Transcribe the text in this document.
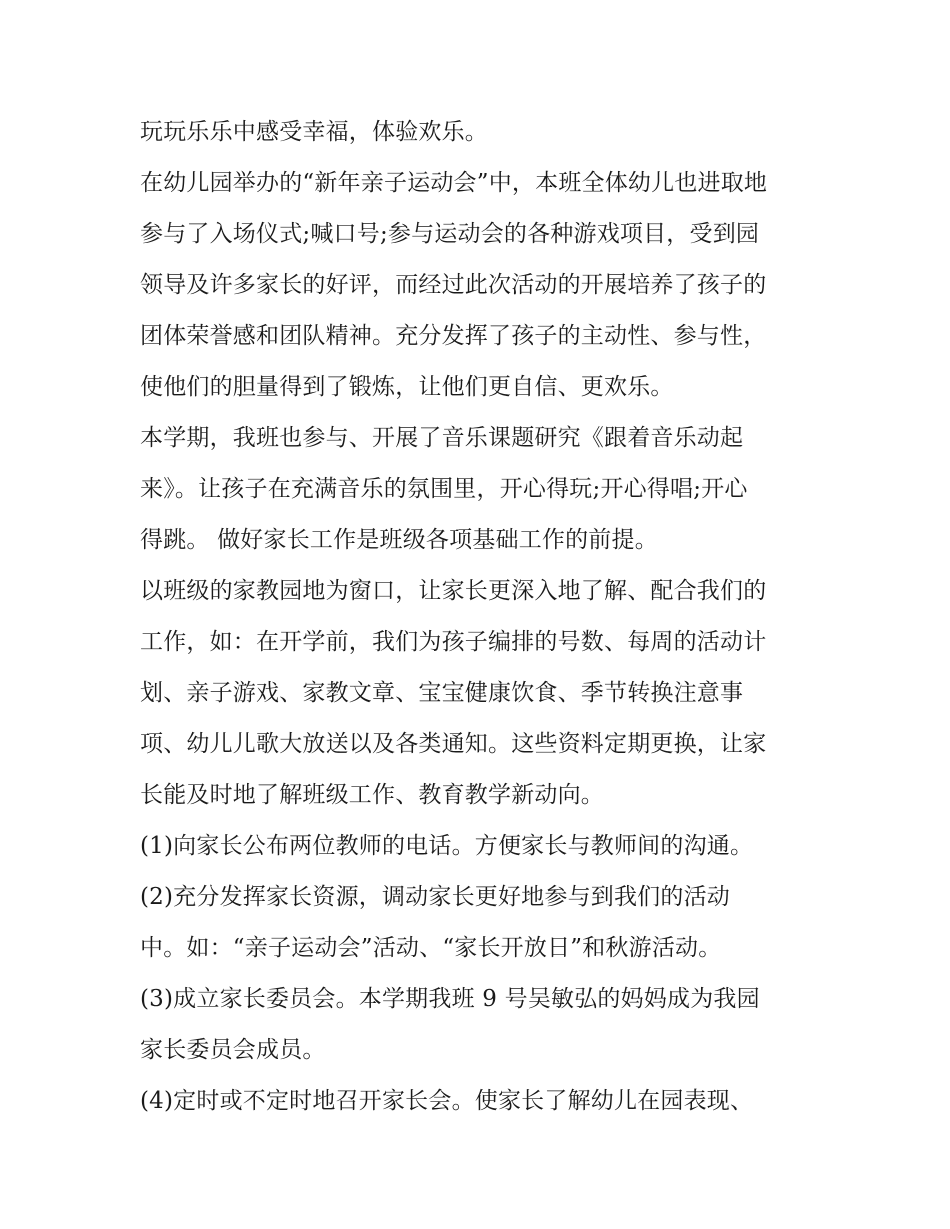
玩玩乐乐中感受幸福，体验欢乐。
在幼儿园举办的“新年亲子运动会”中，本班全体幼儿也进取地
参与了入场仪式;喊口号;参与运动会的各种游戏项目，受到园
领导及许多家长的好评，而经过此次活动的开展培养了孩子的
团体荣誉感和团队精神。充分发挥了孩子的主动性、参与性，
使他们的胆量得到了锻炼，让他们更自信、更欢乐。
本学期，我班也参与、开展了音乐课题研究《跟着音乐动起
来》。让孩子在充满音乐的氛围里，开心得玩;开心得唱;开心
得跳。 做好家长工作是班级各项基础工作的前提。
以班级的家教园地为窗口，让家长更深入地了解、配合我们的
工作，如：在开学前，我们为孩子编排的号数、每周的活动计
划、亲子游戏、家教文章、宝宝健康饮食、季节转换注意事
项、幼儿儿歌大放送以及各类通知。这些资料定期更换，让家
长能及时地了解班级工作、教育教学新动向。
(1)向家长公布两位教师的电话。方便家长与教师间的沟通。
(2)充分发挥家长资源，调动家长更好地参与到我们的活动
中。如：“亲子运动会”活动、“家长开放日”和秋游活动。
(3)成立家长委员会。本学期我班 9 号吴敏弘的妈妈成为我园
家长委员会成员。
(4)定时或不定时地召开家长会。使家长了解幼儿在园表现、
